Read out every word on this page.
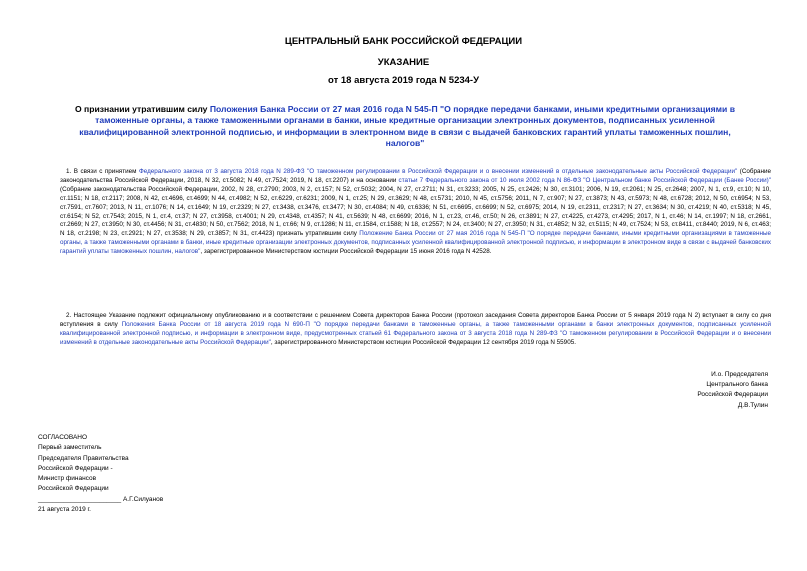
ЦЕНТРАЛЬНЫЙ БАНК РОССИЙСКОЙ ФЕДЕРАЦИИ
УКАЗАНИЕ
от 18 августа 2019 года N 5234-У
О признании утратившим силу Положения Банка России от 27 мая 2016 года N 545-П "О порядке передачи банками, иными кредитными организациями в таможенные органы, а также таможенными органами в банки, иные кредитные организации электронных документов, подписанных усиленной квалифицированной электронной подписью, и информации в электронном виде в связи с выдачей банковских гарантий уплаты таможенных пошлин, налогов"
1. В связи с принятием Федерального закона от 3 августа 2018 года N 289-ФЗ "О таможенном регулировании в Российской Федерации и о внесении изменений в отдельные законодательные акты Российской Федерации" (Собрание законодательства Российской Федерации, 2018, N 32, ст.5082; N 49, ст.7524; 2019, N 18, ст.2207) и на основании статьи 7 Федерального закона от 10 июля 2002 года N 86-ФЗ "О Центральном банке Российской Федерации (Банке России)" (Собрание законодательства Российской Федерации, 2002, N 28, ст.2790; 2003, N 2, ст.157; N 52, ст.5032; 2004, N 27, ст.2711; N 31, ст.3233; 2005, N 25, ст.2426; N 30, ст.3101; 2006, N 19, ст.2061; N 25, ст.2648; 2007, N 1, ст.9, ст.10; N 10, ст.1151; N 18, ст.2117; 2008, N 42, ст.4696, ст.4699; N 44, ст.4982; N 52, ст.6229, ст.6231; 2009, N 1, ст.25; N 29, ст.3629; N 48, ст.5731; 2010, N 45, ст.5756; 2011, N 7, ст.907; N 27, ст.3873; N 43, ст.5973; N 48, ст.6728; 2012, N 50, ст.6954; N 53, ст.7591, ст.7607; 2013, N 11, ст.1076; N 14, ст.1649; N 19, ст.2329; N 27, ст.3438, ст.3476, ст.3477; N 30, ст.4084; N 49, ст.6336; N 51, ст.6695, ст.6699; N 52, ст.6975; 2014, N 19, ст.2311, ст.2317; N 27, ст.3634; N 30, ст.4219; N 40, ст.5318; N 45, ст.6154; N 52, ст.7543; 2015, N 1, ст.4, ст.37; N 27, ст.3958, ст.4001; N 29, ст.4348, ст.4357; N 41, ст.5639; N 48, ст.6699; 2016, N 1, ст.23, ст.46, ст.50; N 26, ст.3891; N 27, ст.4225, ст.4273, ст.4295; 2017, N 1, ст.46; N 14, ст.1997; N 18, ст.2661, ст.2669; N 27, ст.3950; N 30, ст.4456; N 31, ст.4830; N 50, ст.7562; 2018, N 1, ст.66; N 9, ст.1286; N 11, ст.1584, ст.1588; N 18, ст.2557; N 24, ст.3400; N 27, ст.3950; N 31, ст.4852; N 32, ст.5115; N 49, ст.7524; N 53, ст.8411, ст.8440; 2019, N 6, ст.463; N 18, ст.2198; N 23, ст.2921; N 27, ст.3538; N 29, ст.3857; N 31, ст.4423) признать утратившим силу Положение Банка России от 27 мая 2016 года N 545-П "О порядке передачи банками, иными кредитными организациями в таможенные органы, а также таможенными органами в банки, иные кредитные организации электронных документов, подписанных усиленной квалифицированной электронной подписью, и информации в электронном виде в связи с выдачей банковских гарантий уплаты таможенных пошлин, налогов", зарегистрированное Министерством юстиции Российской Федерации 15 июня 2016 года N 42528.
2. Настоящее Указание подлежит официальному опубликованию и в соответствии с решением Совета директоров Банка России (протокол заседания Совета директоров Банка России от 5 января 2019 года N 2) вступает в силу со дня вступления в силу Положения Банка России от 18 августа 2019 года N 690-П "О порядке передачи банками в таможенные органы, а также таможенными органами в банки электронных документов, подписанных усиленной квалифицированной электронной подписью, и информации в электронном виде, предусмотренных статьей 61 Федерального закона от 3 августа 2018 года N 289-ФЗ "О таможенном регулировании в Российской Федерации и о внесении изменений в отдельные законодательные акты Российской Федерации", зарегистрированного Министерством юстиции Российской Федерации 12 сентября 2019 года N 55905.
И.о. Председателя
Центрального банка
Российской Федерации
Д.В.Тулин
СОГЛАСОВАНО
Первый заместитель
Председателя Правительства
Российской Федерации -
Министр финансов
Российской Федерации
_______________________ А.Г.Силуанов
21 августа 2019 г.
